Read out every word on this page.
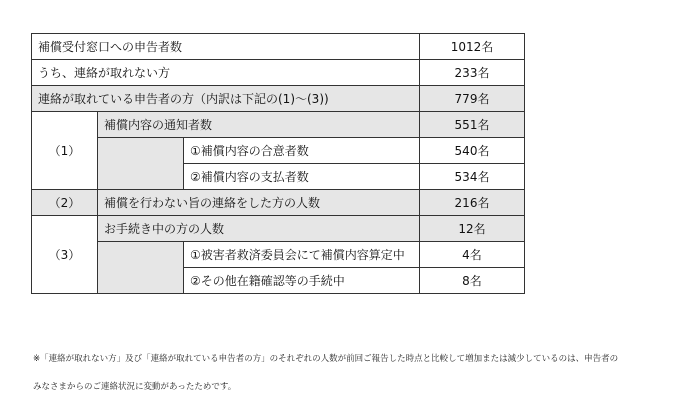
補償受付窓口への申告者数			1012名
うち、連絡が取れない方			233名
連絡が取れている申告者の方（内訳は下記の(1)～(3))			779名
（1）	補償内容の通知者数		551名
		①補償内容の合意者数	540名
		②補償内容の支払者数	534名
（2）	補償を行わない旨の連絡をした方の人数		216名
（3）	お手続き中の方の人数		12名
		①被害者救済委員会にて補償内容算定中	4名
		②その他在籍確認等の手続中	8名
※「連絡が取れない方」及び「連絡が取れている申告者の方」のそれぞれの人数が前回ご報告した時点と比較して増加または減少しているのは、申告者の
みなさまからのご連絡状況に変動があったためです。
